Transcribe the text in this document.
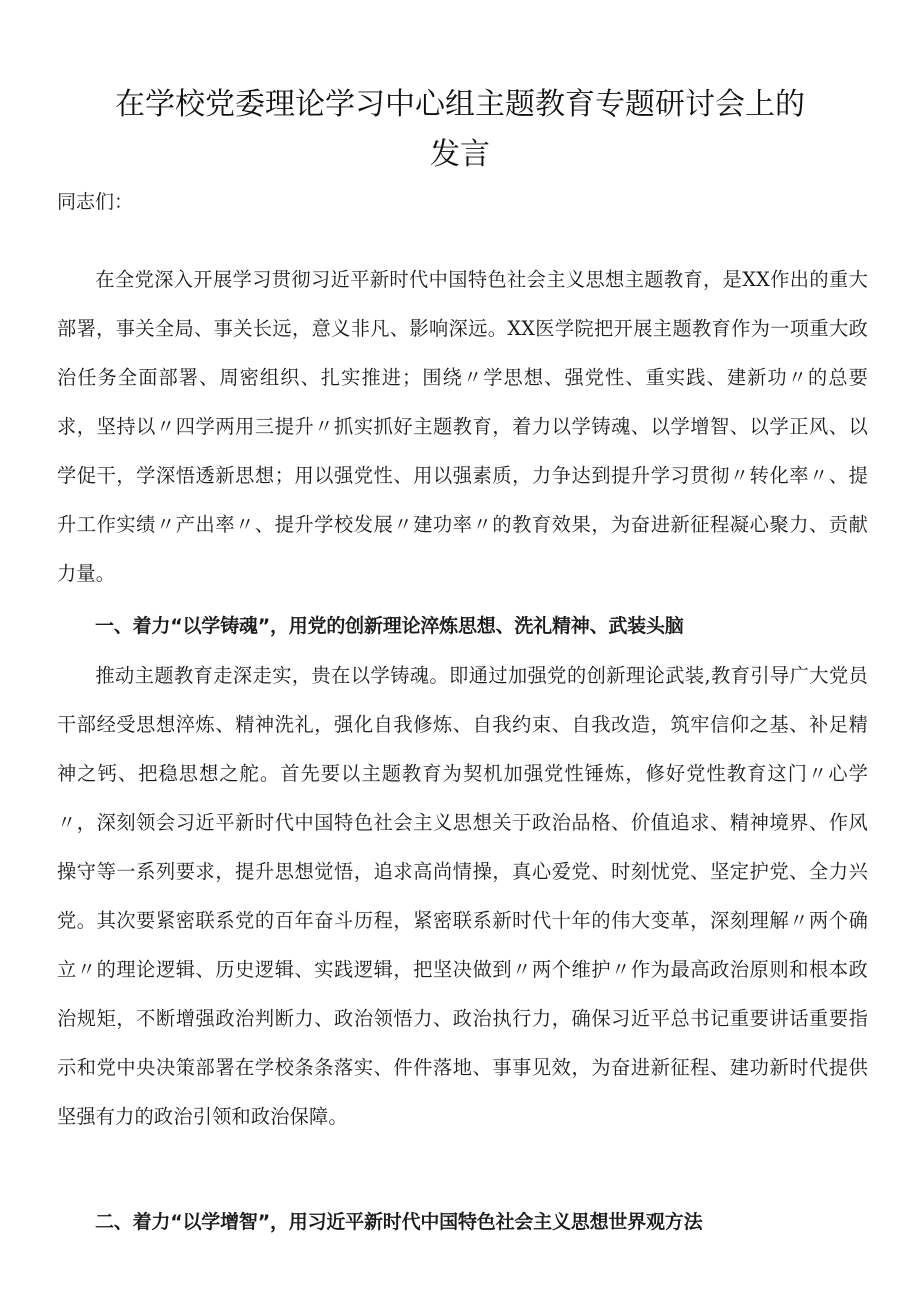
在学校党委理论学习中心组主题教育专题研讨会上的
发言

同志们：

在全党深入开展学习贯彻习近平新时代中国特色社会主义思想主题教育，是XX作出的重大部署，事关全局、事关长远，意义非凡、影响深远。XX医学院把开展主题教育作为一项重大政治任务全面部署、周密组织、扎实推进；围绕〃学思想、强党性、重实践、建新功〃的总要求，坚持以〃四学两用三提升〃抓实抓好主题教育，着力以学铸魂、以学增智、以学正风、以学促干，学深悟透新思想；用以强党性、用以强素质，力争达到提升学习贯彻〃转化率〃、提升工作实绩〃产出率〃、提升学校发展〃建功率〃的教育效果，为奋进新征程凝心聚力、贡献力量。

一、着力“以学铸魂”，用党的创新理论淬炼思想、洗礼精神、武装头脑

推动主题教育走深走实，贵在以学铸魂。即通过加强党的创新理论武装,教育引导广大党员干部经受思想淬炼、精神洗礼，强化自我修炼、自我约束、自我改造，筑牢信仰之基、补足精神之钙、把稳思想之舵。首先要以主题教育为契机加强党性锤炼，修好党性教育这门〃心学〃，深刻领会习近平新时代中国特色社会主义思想关于政治品格、价值追求、精神境界、作风操守等一系列要求，提升思想觉悟，追求高尚情操，真心爱党、时刻忧党、坚定护党、全力兴党。其次要紧密联系党的百年奋斗历程，紧密联系新时代十年的伟大变革，深刻理解〃两个确立〃的理论逻辑、历史逻辑、实践逻辑，把坚决做到〃两个维护〃作为最高政治原则和根本政治规矩，不断增强政治判断力、政治领悟力、政治执行力，确保习近平总书记重要讲话重要指示和党中央决策部署在学校条条落实、件件落地、事事见效，为奋进新征程、建功新时代提供坚强有力的政治引领和政治保障。

二、着力“以学增智”，用习近平新时代中国特色社会主义思想世界观方法
